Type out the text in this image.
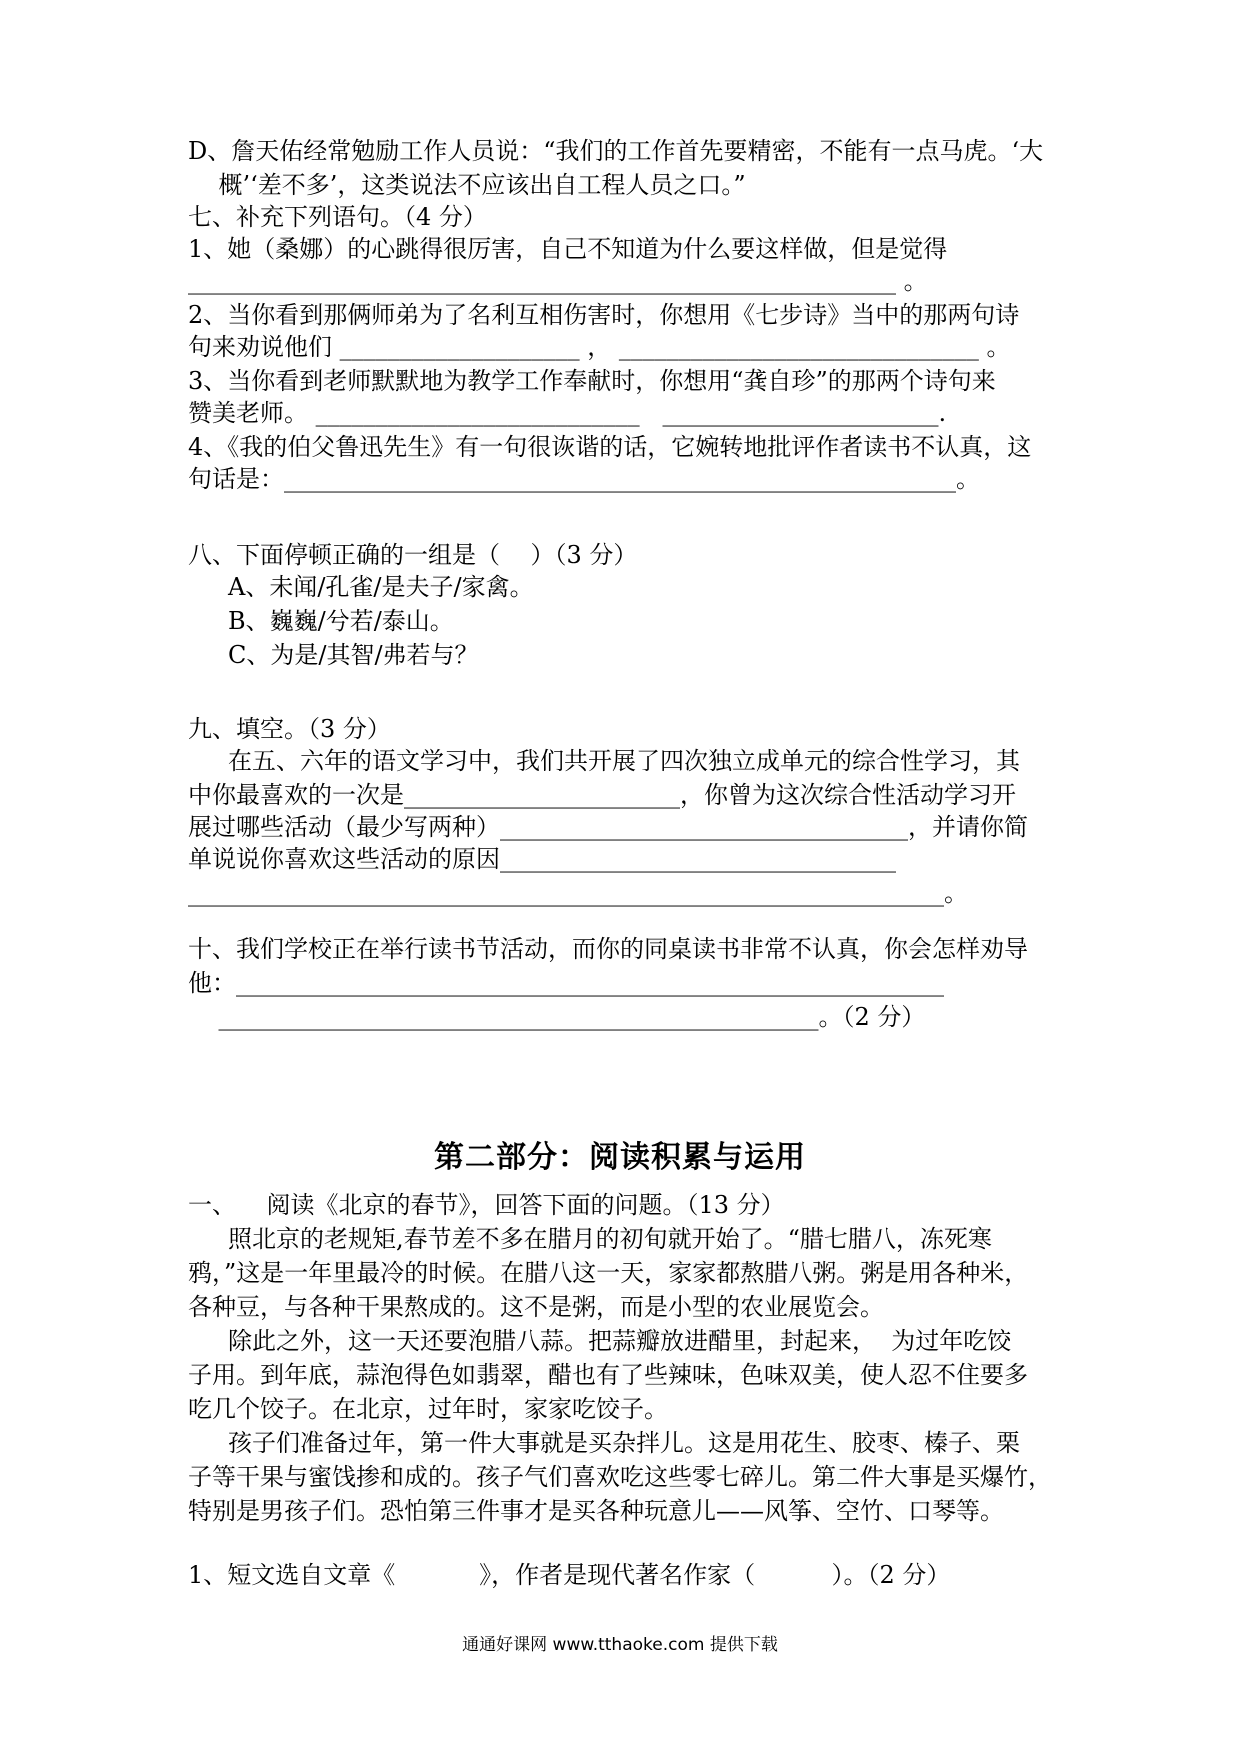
D、詹天佑经常勉励工作人员说：“我们的工作首先要精密，不能有一点马虎。‘大
概’‘差不多’，这类说法不应该出自工程人员之口。”
七、补充下列语句。（4 分）
1、她（桑娜）的心跳得很厉害，自己不知道为什么要这样做，但是觉得
___________________________________________________________ 。
2、当你看到那俩师弟为了名利互相伤害时，你想用《七步诗》当中的那两句诗
句来劝说他们 ____________________ ， ______________________________ 。
3、当你看到老师默默地为教学工作奉献时，你想用“龚自珍”的那两个诗句来
赞美老师。 ___________________________   _______________________.
4、《我的伯父鲁迅先生》有一句很诙谐的话，它婉转地批评作者读书不认真，这
句话是：________________________________________________________。
八、下面停顿正确的一组是（    ）（3 分）
A、未闻/孔雀/是夫子/家禽。
B、巍巍/兮若/泰山。
C、为是/其智/弗若与？
九、填空。（3 分）
在五、六年的语文学习中，我们共开展了四次独立成单元的综合性学习，其
中你最喜欢的一次是_______________________，你曾为这次综合性活动学习开
展过哪些活动（最少写两种）__________________________________，并请你简
单说说你喜欢这些活动的原因_________________________________
_______________________________________________________________。
十、我们学校正在举行读书节活动，而你的同桌读书非常不认真，你会怎样劝导
他：___________________________________________________________
__________________________________________________。（2 分）
第二部分：阅读积累与运用
一、    阅读《北京的春节》，回答下面的问题。（13 分）
照北京的老规矩,春节差不多在腊月的初旬就开始了。“腊七腊八，冻死寒
鸦，”这是一年里最冷的时候。在腊八这一天，家家都熬腊八粥。粥是用各种米，
各种豆，与各种干果熬成的。这不是粥，而是小型的农业展览会。
除此之外，这一天还要泡腊八蒜。把蒜瓣放进醋里，封起来，  为过年吃饺
子用。到年底，蒜泡得色如翡翠，醋也有了些辣味，色味双美，使人忍不住要多
吃几个饺子。在北京，过年时，家家吃饺子。
孩子们准备过年，第一件大事就是买杂拌儿。这是用花生、胶枣、榛子、栗
子等干果与蜜饯掺和成的。孩子气们喜欢吃这些零七碎儿。第二件大事是买爆竹，
特别是男孩子们。恐怕第三件事才是买各种玩意儿——风筝、空竹、口琴等。
1、短文选自文章《           》，作者是现代著名作家（          ）。（2 分）
通通好课网 www.tthaoke.com 提供下载
